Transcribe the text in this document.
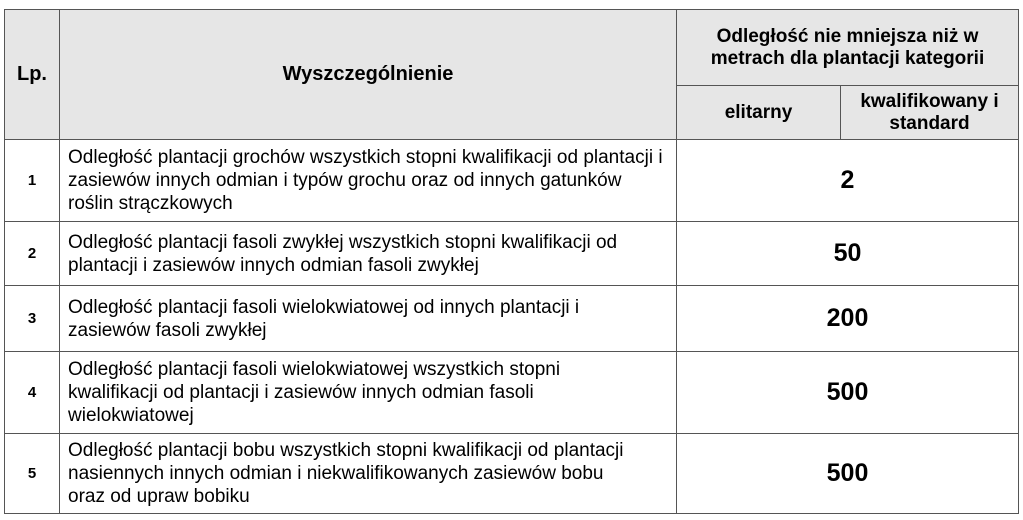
Lp.	Wyszczególnienie	Odległość nie mniejsza niż w metrach dla plantacji kategorii	

		elitarny	kwalifikowany i standard

1	Odległość plantacji grochów wszystkich stopni kwalifikacji od plantacji i zasiewów innych odmian i typów grochu oraz od innych gatunków roślin strączkowych	2	
2	Odległość plantacji fasoli zwykłej wszystkich stopni kwalifikacji od plantacji i zasiewów innych odmian fasoli zwykłej	50	
3	Odległość plantacji fasoli wielokwiatowej od innych plantacji i zasiewów fasoli zwykłej	200	
4	Odległość plantacji fasoli wielokwiatowej wszystkich stopni kwalifikacji od plantacji i zasiewów innych odmian fasoli wielokwiatowej	500	
5	Odległość plantacji bobu wszystkich stopni kwalifikacji od plantacji nasiennych innych odmian i niekwalifikowanych zasiewów bobu oraz od upraw bobiku	500	
